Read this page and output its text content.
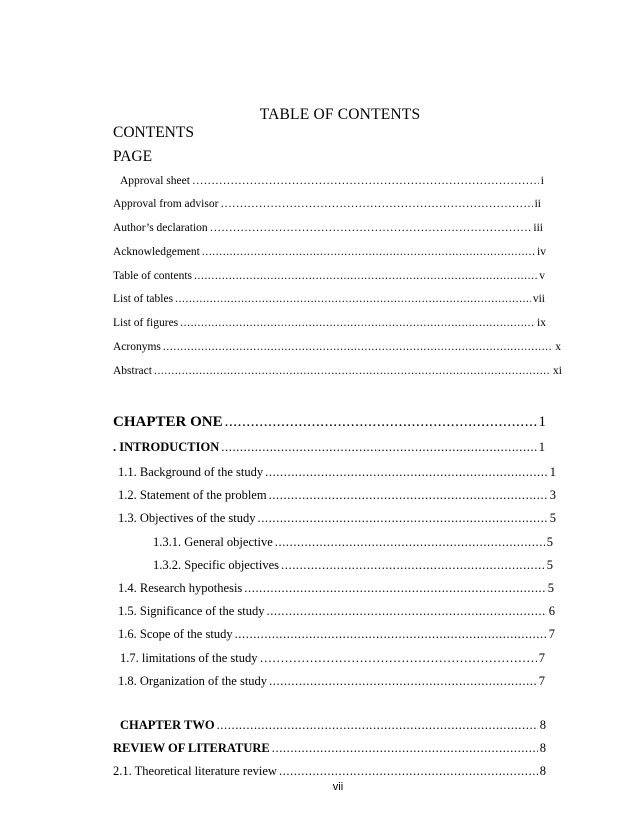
TABLE OF CONTENTS
CONTENTS
PAGE
Approval sheet ………………………………………………………………………………………………………………………………………………………………………………………………………………………………………………………………………………………………………………………	i
Approval from advisor ………………………………………………………………………………………………………………………………………………………………………………………………………………………………………………………………………………………………………………………	ii
Author’s declaration ………………………………………………………………………………………………………………………………………………………………………………………………………………………………………………………………………………………………………………………	iii
Acknowledgement .....	iv
Table of contents .....	v
List of tables .....	vii
List of figures .....	ix
Acronyms .....	x
Abstract .....	xi
CHAPTER ONE .....	1
. INTRODUCTION .....	1
1.1. Background of the study .....	1
1.2. Statement of the problem .....	3
1.3. Objectives of the study .....	5
1.3.1. General objective .....	5
1.3.2. Specific objectives .....	5
1.4. Research hypothesis .....	5
1.5. Significance of the study .....	6
1.6. Scope of the study .....	7
1.7. limitations of the study ………………………………………………………………………………………………………………………………………………………………………………………………………………………………………………………………………………………………………………………	7
1.8. Organization of the study .....	7
CHAPTER TWO .....	8
REVIEW OF LITERATURE .....	8
2.1. Theoretical literature review .....	8
vii
